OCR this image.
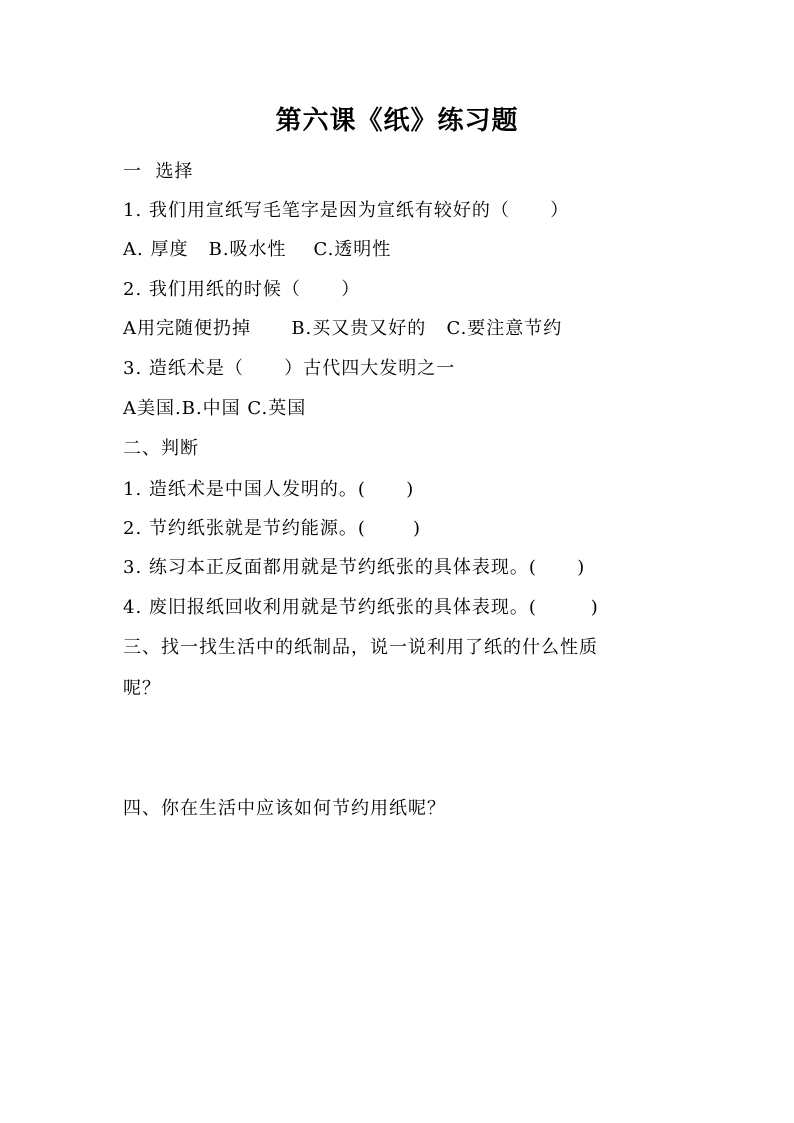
第六课《纸》练习题
一  选择
1. 我们用宣纸写毛笔字是因为宣纸有较好的（      ）
A. 厚度   B.吸水性    C.透明性
2. 我们用纸的时候（      ）
A用完随便扔掉      B.买又贵又好的   C.要注意节约
3. 造纸术是（      ）古代四大发明之一
A美国.B.中国 C.英国
二、判断
1. 造纸术是中国人发明的。(      )
2. 节约纸张就是节约能源。(       )
3. 练习本正反面都用就是节约纸张的具体表现。(      )
4. 废旧报纸回收利用就是节约纸张的具体表现。(        )
三、找一找生活中的纸制品，说一说利用了纸的什么性质
呢？
四、你在生活中应该如何节约用纸呢？
